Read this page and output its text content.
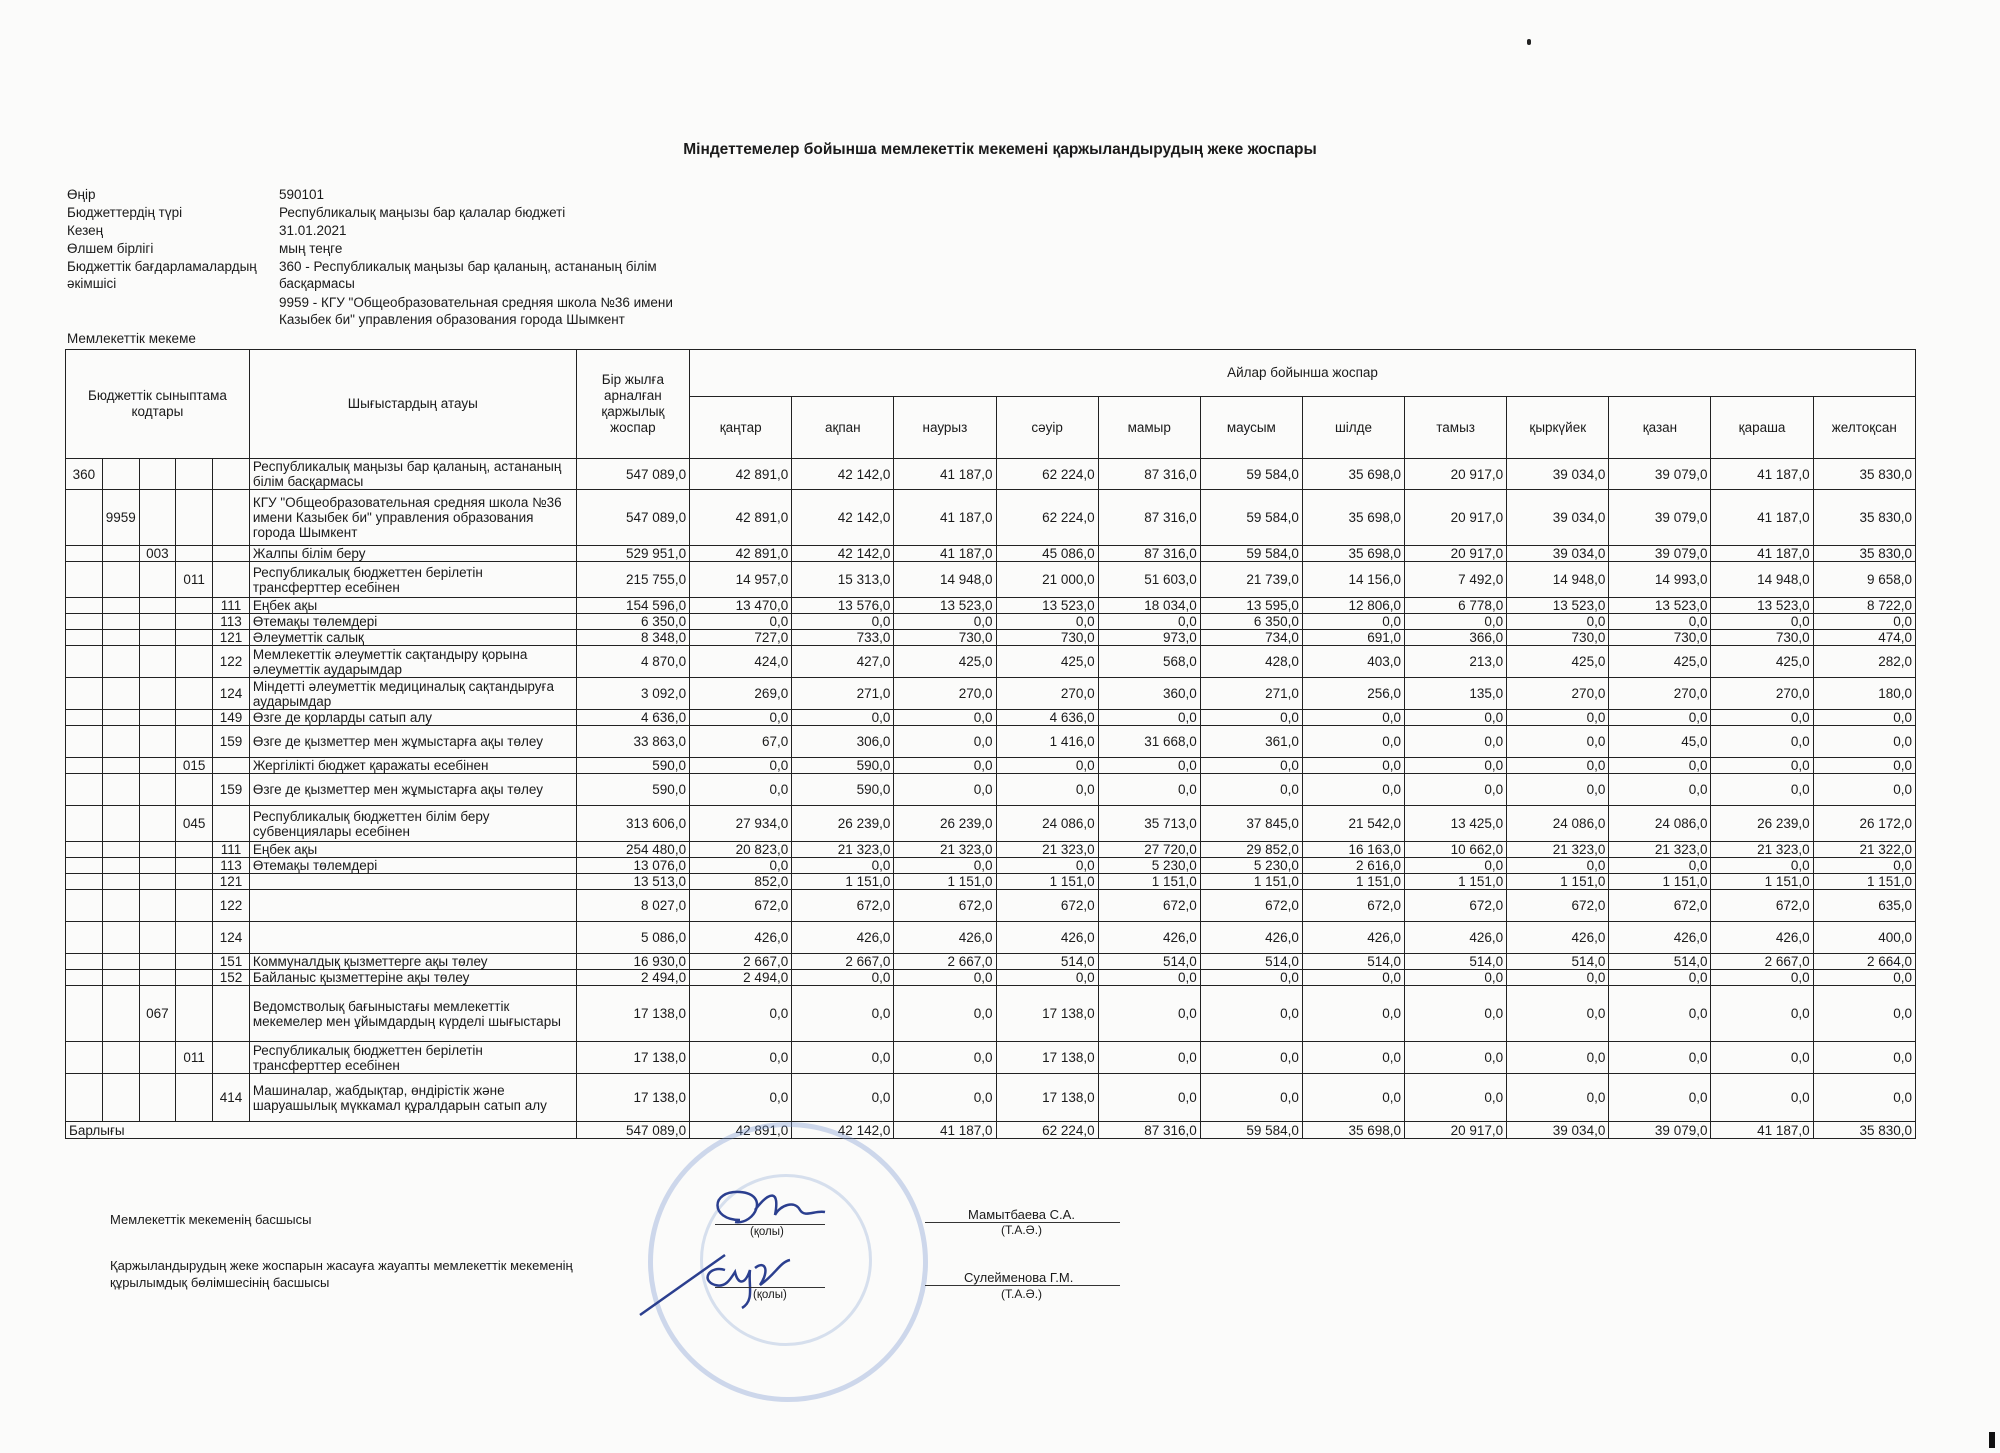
Міндеттемелер бойынша мемлекеттік мекемені қаржыландырудың жеке жоспары
Өңір	590101
Бюджеттердің түрі	Республикалық маңызы бар қалалар бюджеті
Кезең	31.01.2021
Өлшем бірлігі	мың теңге
Бюджеттік бағдарламалардың әкімшісі
360 - Республикалық маңызы бар қаланың, астананың білім басқармасы
Мемлекеттік мекеме
9959 - КГУ "Общеобразовательная средняя школа №36 имени Казыбек би" управления образования города Шымкент
Бюджеттік сыныптама кодтары					Шығыстардың атауы	Бір жылға арналған қаржылық жоспар	Айлар бойынша жоспар											
							қаңтар	ақпан	наурыз	сәуір	мамыр	маусым	шілде	тамыз	қыркүйек	қазан	қараша	желтоқсан
360					Республикалық маңызы бар қаланың, астананың білім басқармасы	547 089,0	42 891,0	42 142,0	41 187,0	62 224,0	87 316,0	59 584,0	35 698,0	20 917,0	39 034,0	39 079,0	41 187,0	35 830,0
	9959				КГУ "Общеобразовательная средняя школа №36 имени Казыбек би" управления образования города Шымкент	547 089,0	42 891,0	42 142,0	41 187,0	62 224,0	87 316,0	59 584,0	35 698,0	20 917,0	39 034,0	39 079,0	41 187,0	35 830,0
		003			Жалпы білім беру	529 951,0	42 891,0	42 142,0	41 187,0	45 086,0	87 316,0	59 584,0	35 698,0	20 917,0	39 034,0	39 079,0	41 187,0	35 830,0
			011		Республикалық бюджеттен берілетін трансферттер есебінен	215 755,0	14 957,0	15 313,0	14 948,0	21 000,0	51 603,0	21 739,0	14 156,0	7 492,0	14 948,0	14 993,0	14 948,0	9 658,0
				111	Еңбек ақы	154 596,0	13 470,0	13 576,0	13 523,0	13 523,0	18 034,0	13 595,0	12 806,0	6 778,0	13 523,0	13 523,0	13 523,0	8 722,0
				113	Өтемақы төлемдері	6 350,0	0,0	0,0	0,0	0,0	0,0	6 350,0	0,0	0,0	0,0	0,0	0,0	0,0
				121	Әлеуметтік салық	8 348,0	727,0	733,0	730,0	730,0	973,0	734,0	691,0	366,0	730,0	730,0	730,0	474,0
				122	Мемлекеттік әлеуметтік сақтандыру қорына әлеуметтік аударымдар	4 870,0	424,0	427,0	425,0	425,0	568,0	428,0	403,0	213,0	425,0	425,0	425,0	282,0
				124	Міндетті әлеуметтік медициналық сақтандыруға аударымдар	3 092,0	269,0	271,0	270,0	270,0	360,0	271,0	256,0	135,0	270,0	270,0	270,0	180,0
				149	Өзге де қорларды сатып алу	4 636,0	0,0	0,0	0,0	4 636,0	0,0	0,0	0,0	0,0	0,0	0,0	0,0	0,0
				159	Өзге де қызметтер мен жұмыстарға ақы төлеу	33 863,0	67,0	306,0	0,0	1 416,0	31 668,0	361,0	0,0	0,0	0,0	45,0	0,0	0,0
			015		Жергілікті бюджет қаражаты есебінен	590,0	0,0	590,0	0,0	0,0	0,0	0,0	0,0	0,0	0,0	0,0	0,0	0,0
				159	Өзге де қызметтер мен жұмыстарға ақы төлеу	590,0	0,0	590,0	0,0	0,0	0,0	0,0	0,0	0,0	0,0	0,0	0,0	0,0
			045		Республикалық бюджеттен білім беру субвенциялары есебінен	313 606,0	27 934,0	26 239,0	26 239,0	24 086,0	35 713,0	37 845,0	21 542,0	13 425,0	24 086,0	24 086,0	26 239,0	26 172,0
				111	Еңбек ақы	254 480,0	20 823,0	21 323,0	21 323,0	21 323,0	27 720,0	29 852,0	16 163,0	10 662,0	21 323,0	21 323,0	21 323,0	21 322,0
				113	Өтемақы төлемдері	13 076,0	0,0	0,0	0,0	0,0	5 230,0	5 230,0	2 616,0	0,0	0,0	0,0	0,0	0,0
				121		13 513,0	852,0	1 151,0	1 151,0	1 151,0	1 151,0	1 151,0	1 151,0	1 151,0	1 151,0	1 151,0	1 151,0	1 151,0
				122		8 027,0	672,0	672,0	672,0	672,0	672,0	672,0	672,0	672,0	672,0	672,0	672,0	635,0
				124		5 086,0	426,0	426,0	426,0	426,0	426,0	426,0	426,0	426,0	426,0	426,0	426,0	400,0
				151	Коммуналдық қызметтерге ақы төлеу	16 930,0	2 667,0	2 667,0	2 667,0	514,0	514,0	514,0	514,0	514,0	514,0	514,0	2 667,0	2 664,0
				152	Байланыс қызметтеріне ақы төлеу	2 494,0	2 494,0	0,0	0,0	0,0	0,0	0,0	0,0	0,0	0,0	0,0	0,0	0,0
		067			Ведомстволық бағыныстағы мемлекеттік мекемелер мен ұйымдардың күрделі шығыстары	17 138,0	0,0	0,0	0,0	17 138,0	0,0	0,0	0,0	0,0	0,0	0,0	0,0	0,0
			011		Республикалық бюджеттен берілетін трансферттер есебінен	17 138,0	0,0	0,0	0,0	17 138,0	0,0	0,0	0,0	0,0	0,0	0,0	0,0	0,0
				414	Машиналар, жабдықтар, өндірістік және шаруашылық мүккамал құралдарын сатып алу	17 138,0	0,0	0,0	0,0	17 138,0	0,0	0,0	0,0	0,0	0,0	0,0	0,0	0,0
Барлығы						547 089,0	42 891,0	42 142,0	41 187,0	62 224,0	87 316,0	59 584,0	35 698,0	20 917,0	39 034,0	39 079,0	41 187,0	35 830,0
Мемлекеттік мекеменің басшысы
(қолы)
Мамытбаева С.А.
(Т.А.Ә.)
Қаржыландырудың жеке жоспарын жасауға жауапты мемлекеттік мекеменің құрылымдық бөлімшесінің басшысы
(қолы)
Сулейменова Г.М.
(Т.А.Ә.)
